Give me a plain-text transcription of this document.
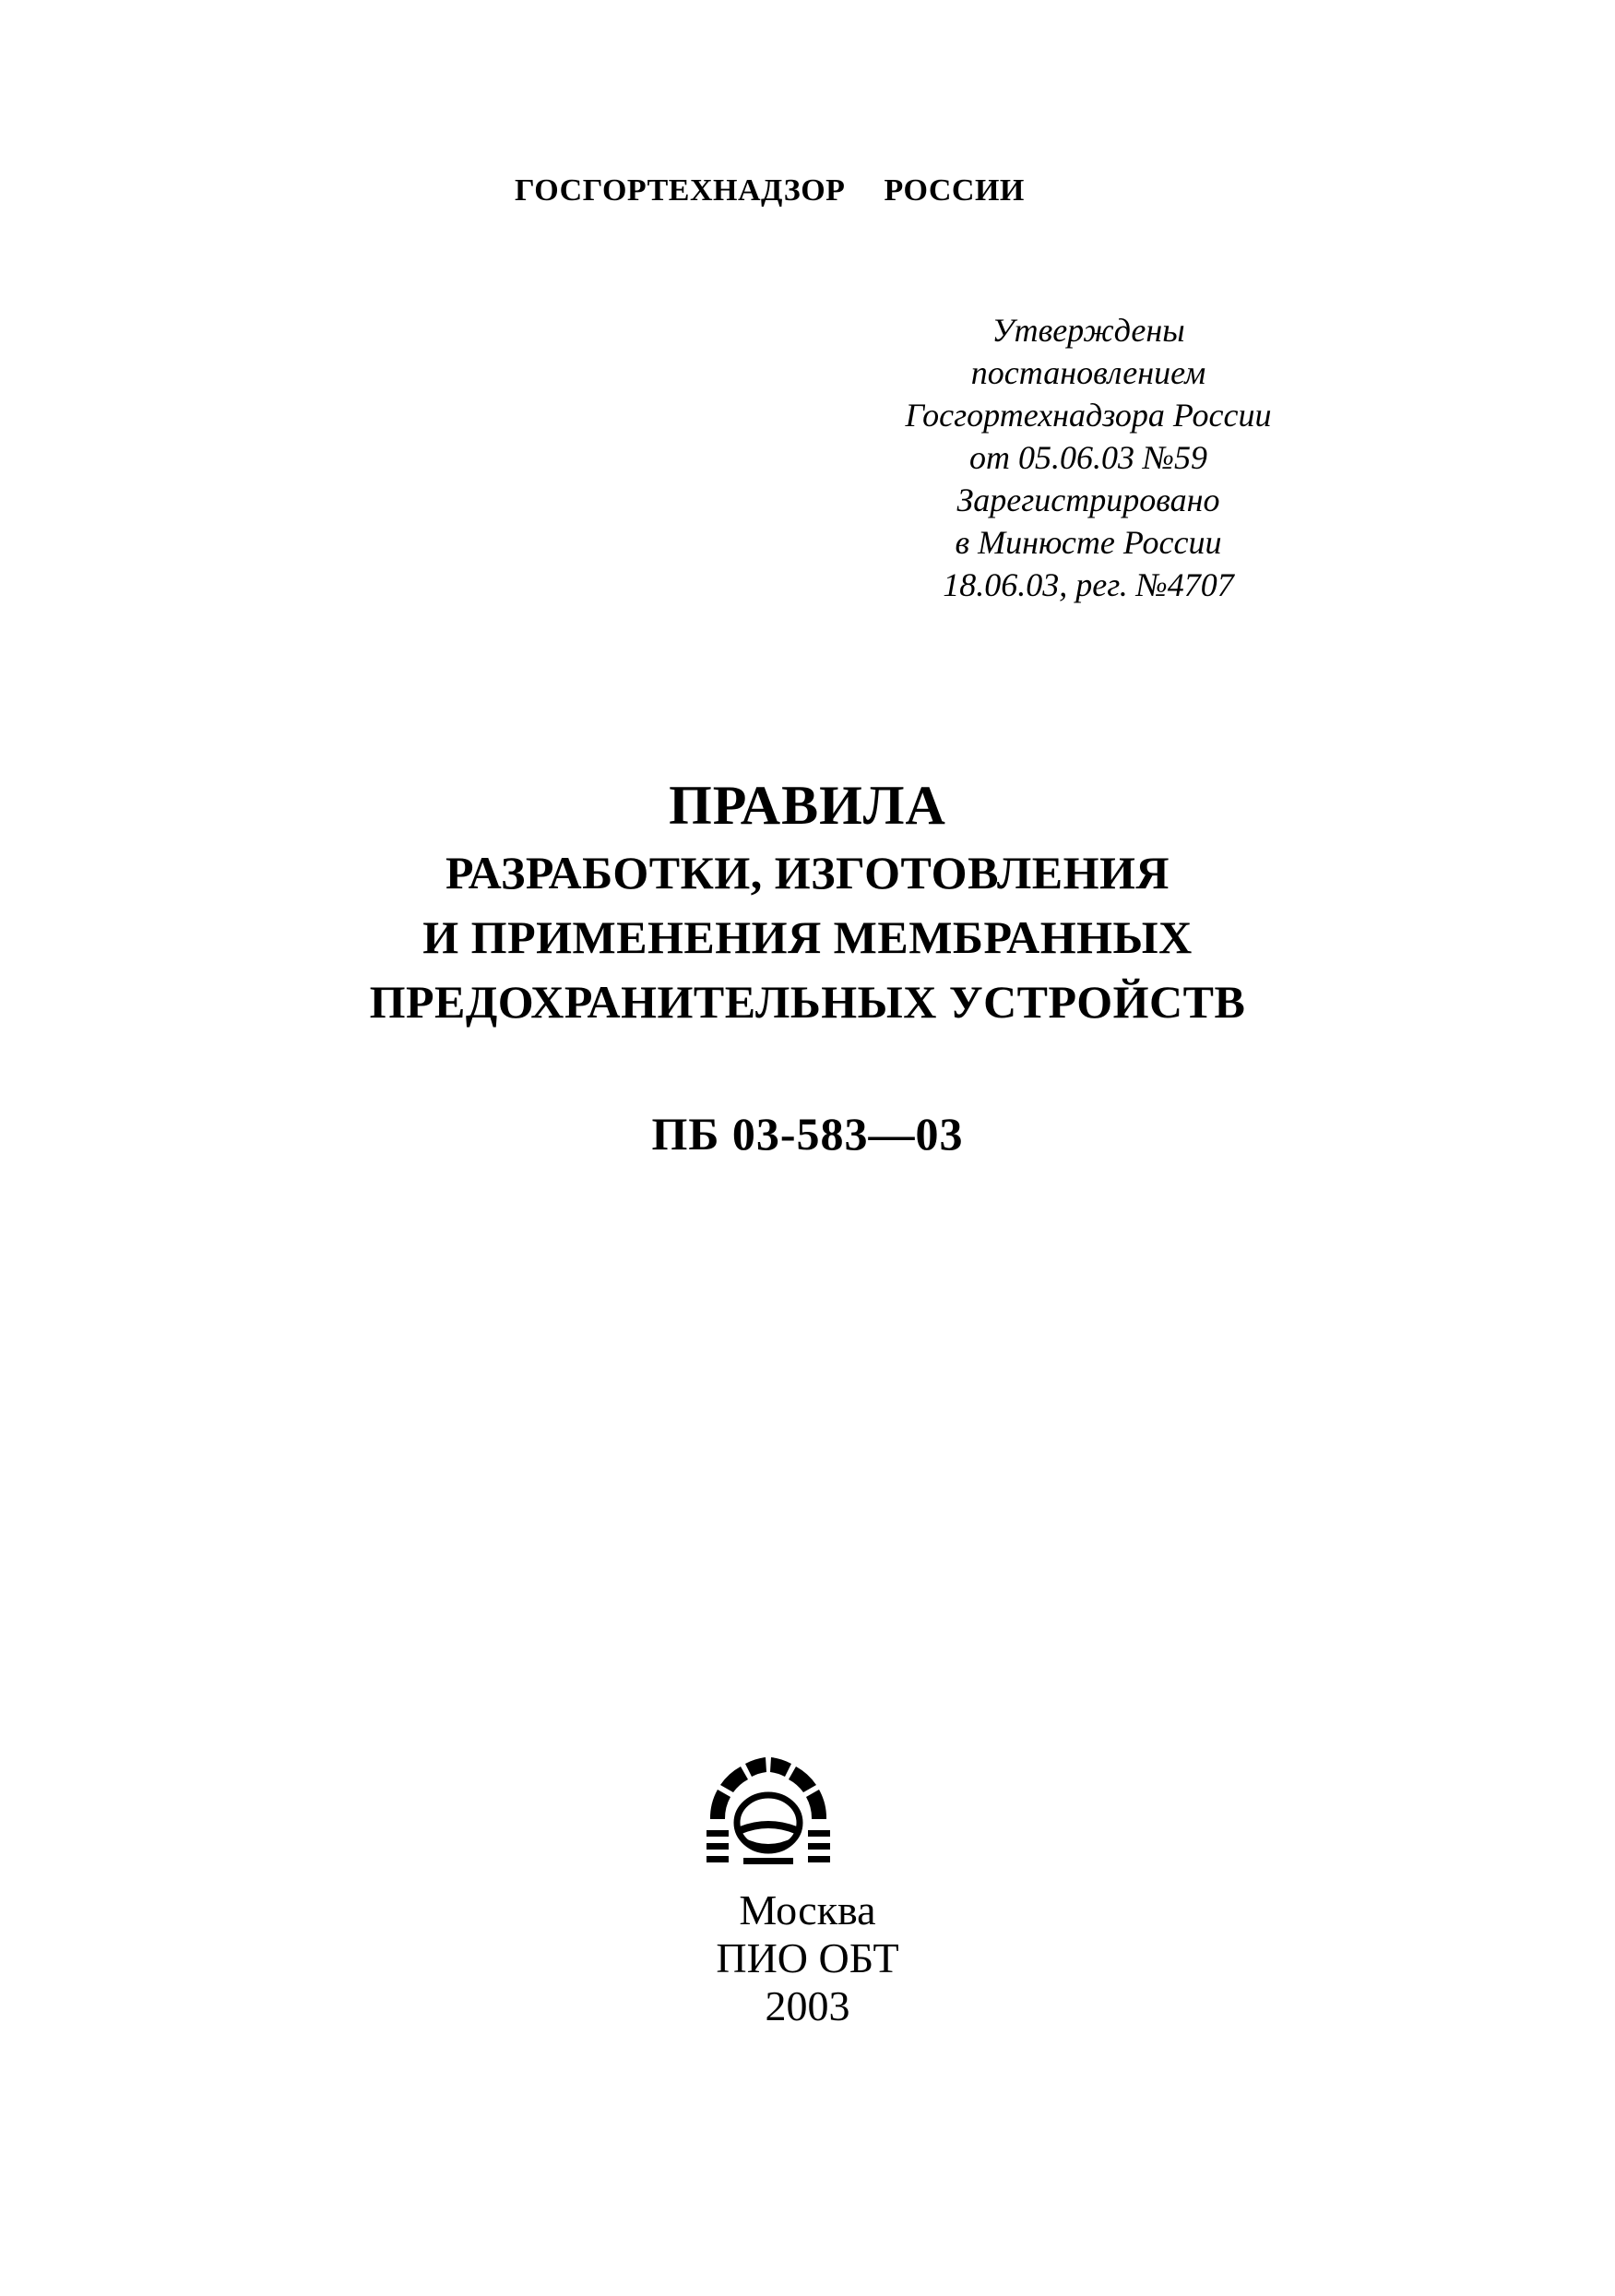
ГОСГОРТЕХНАДЗОР РОССИИ
Утверждены
постановлением
Госгортехнадзора России
от 05.06.03 №59
Зарегистрировано
в Минюсте России
18.06.03, рег. №4707
ПРАВИЛА
РАЗРАБОТКИ, ИЗГОТОВЛЕНИЯ
И ПРИМЕНЕНИЯ МЕМБРАННЫХ
ПРЕДОХРАНИТЕЛЬНЫХ УСТРОЙСТВ
ПБ 03-583—03
Москва
ПИО ОБТ
2003
